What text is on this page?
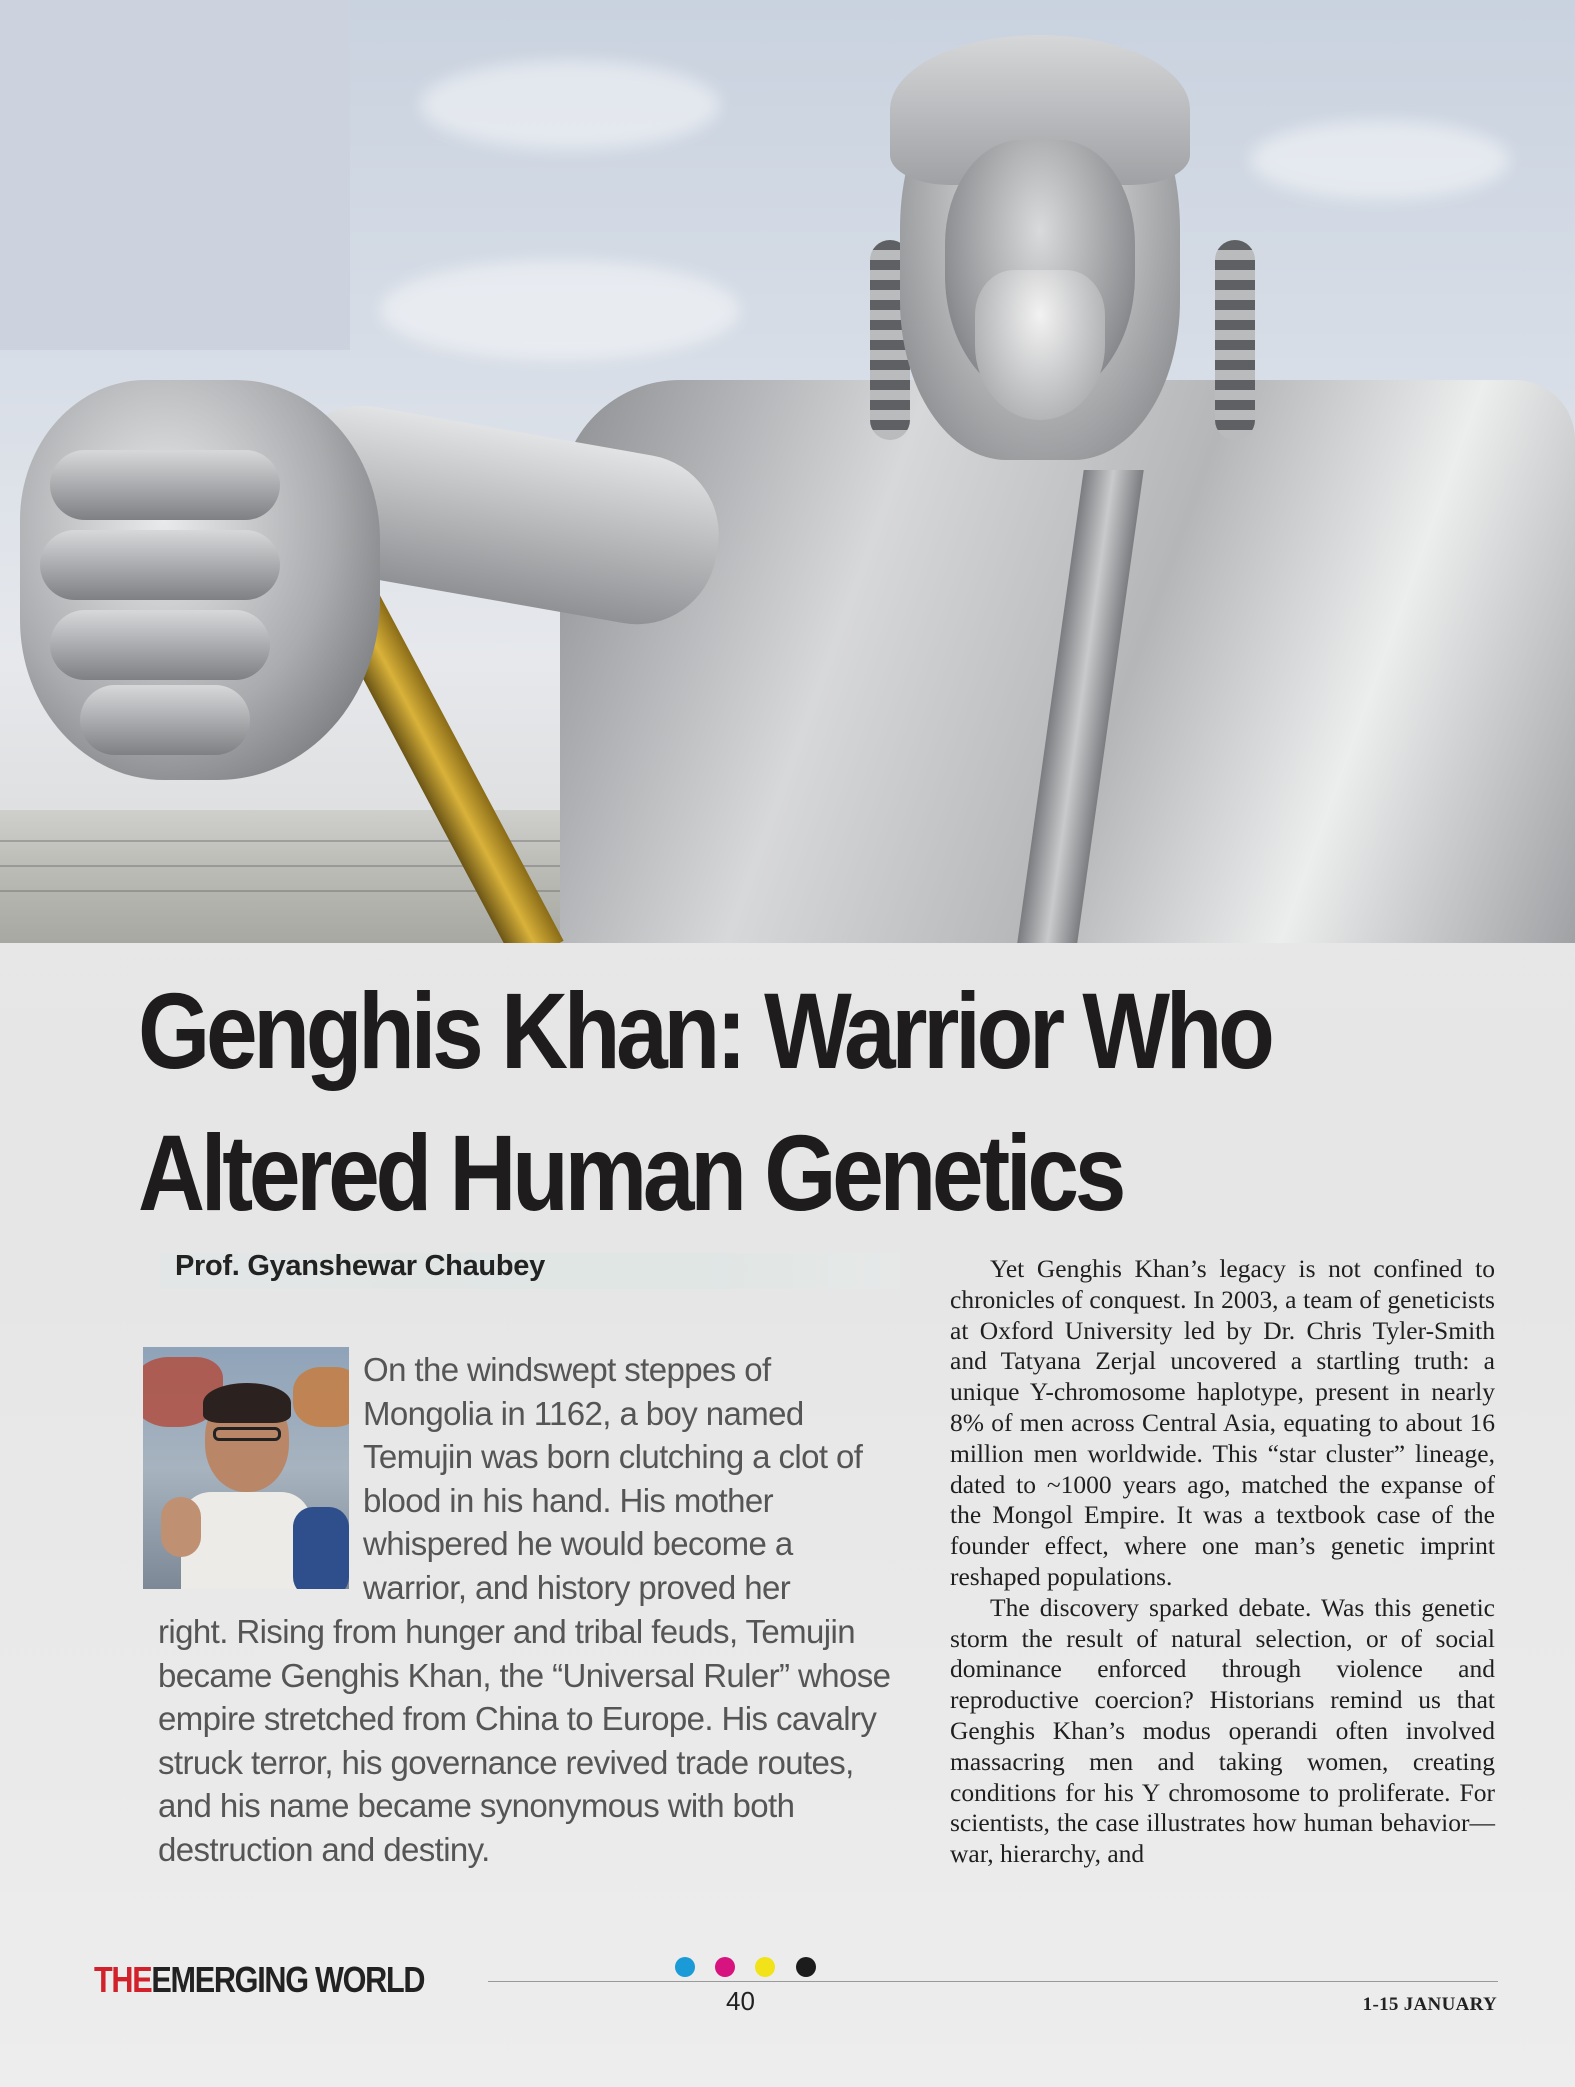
Genghis Khan: Warrior Who
Altered Human Genetics
Prof. Gyanshewar Chaubey

On the windswept steppes of Mongolia in 1162, a boy named Temujin was born clutching a clot of blood in his hand. His mother whispered he would become a warrior, and history proved her

right. Rising from hunger and tribal feuds, Temujin became Genghis Khan, the “Universal Ruler” whose empire stretched from China to Europe. His cavalry struck terror, his governance revived trade routes, and his name became synonymous with both destruction and destiny.

Yet Genghis Khan’s legacy is not confined to chronicles of conquest. In 2003, a team of geneticists at Oxford University led by Dr. Chris Tyler-Smith and Tatyana Zerjal uncovered a startling truth: a unique Y-chromosome haplotype, present in nearly 8% of men across Central Asia, equating to about 16 million men worldwide. This “star cluster” lineage, dated to ~1000 years ago, matched the expanse of the Mongol Empire. It was a textbook case of the founder effect, where one man’s genetic imprint reshaped populations.

The discovery sparked debate. Was this genetic storm the result of natural selection, or of social dominance enforced through violence and reproductive coercion? Historians remind us that Genghis Khan’s modus operandi often involved massacring men and taking women, creating conditions for his Y chromosome to proliferate. For scientists, the case illustrates how human behavior—war, hierarchy, and

THEEMERGING WORLD
40	1-15 JANUARY
